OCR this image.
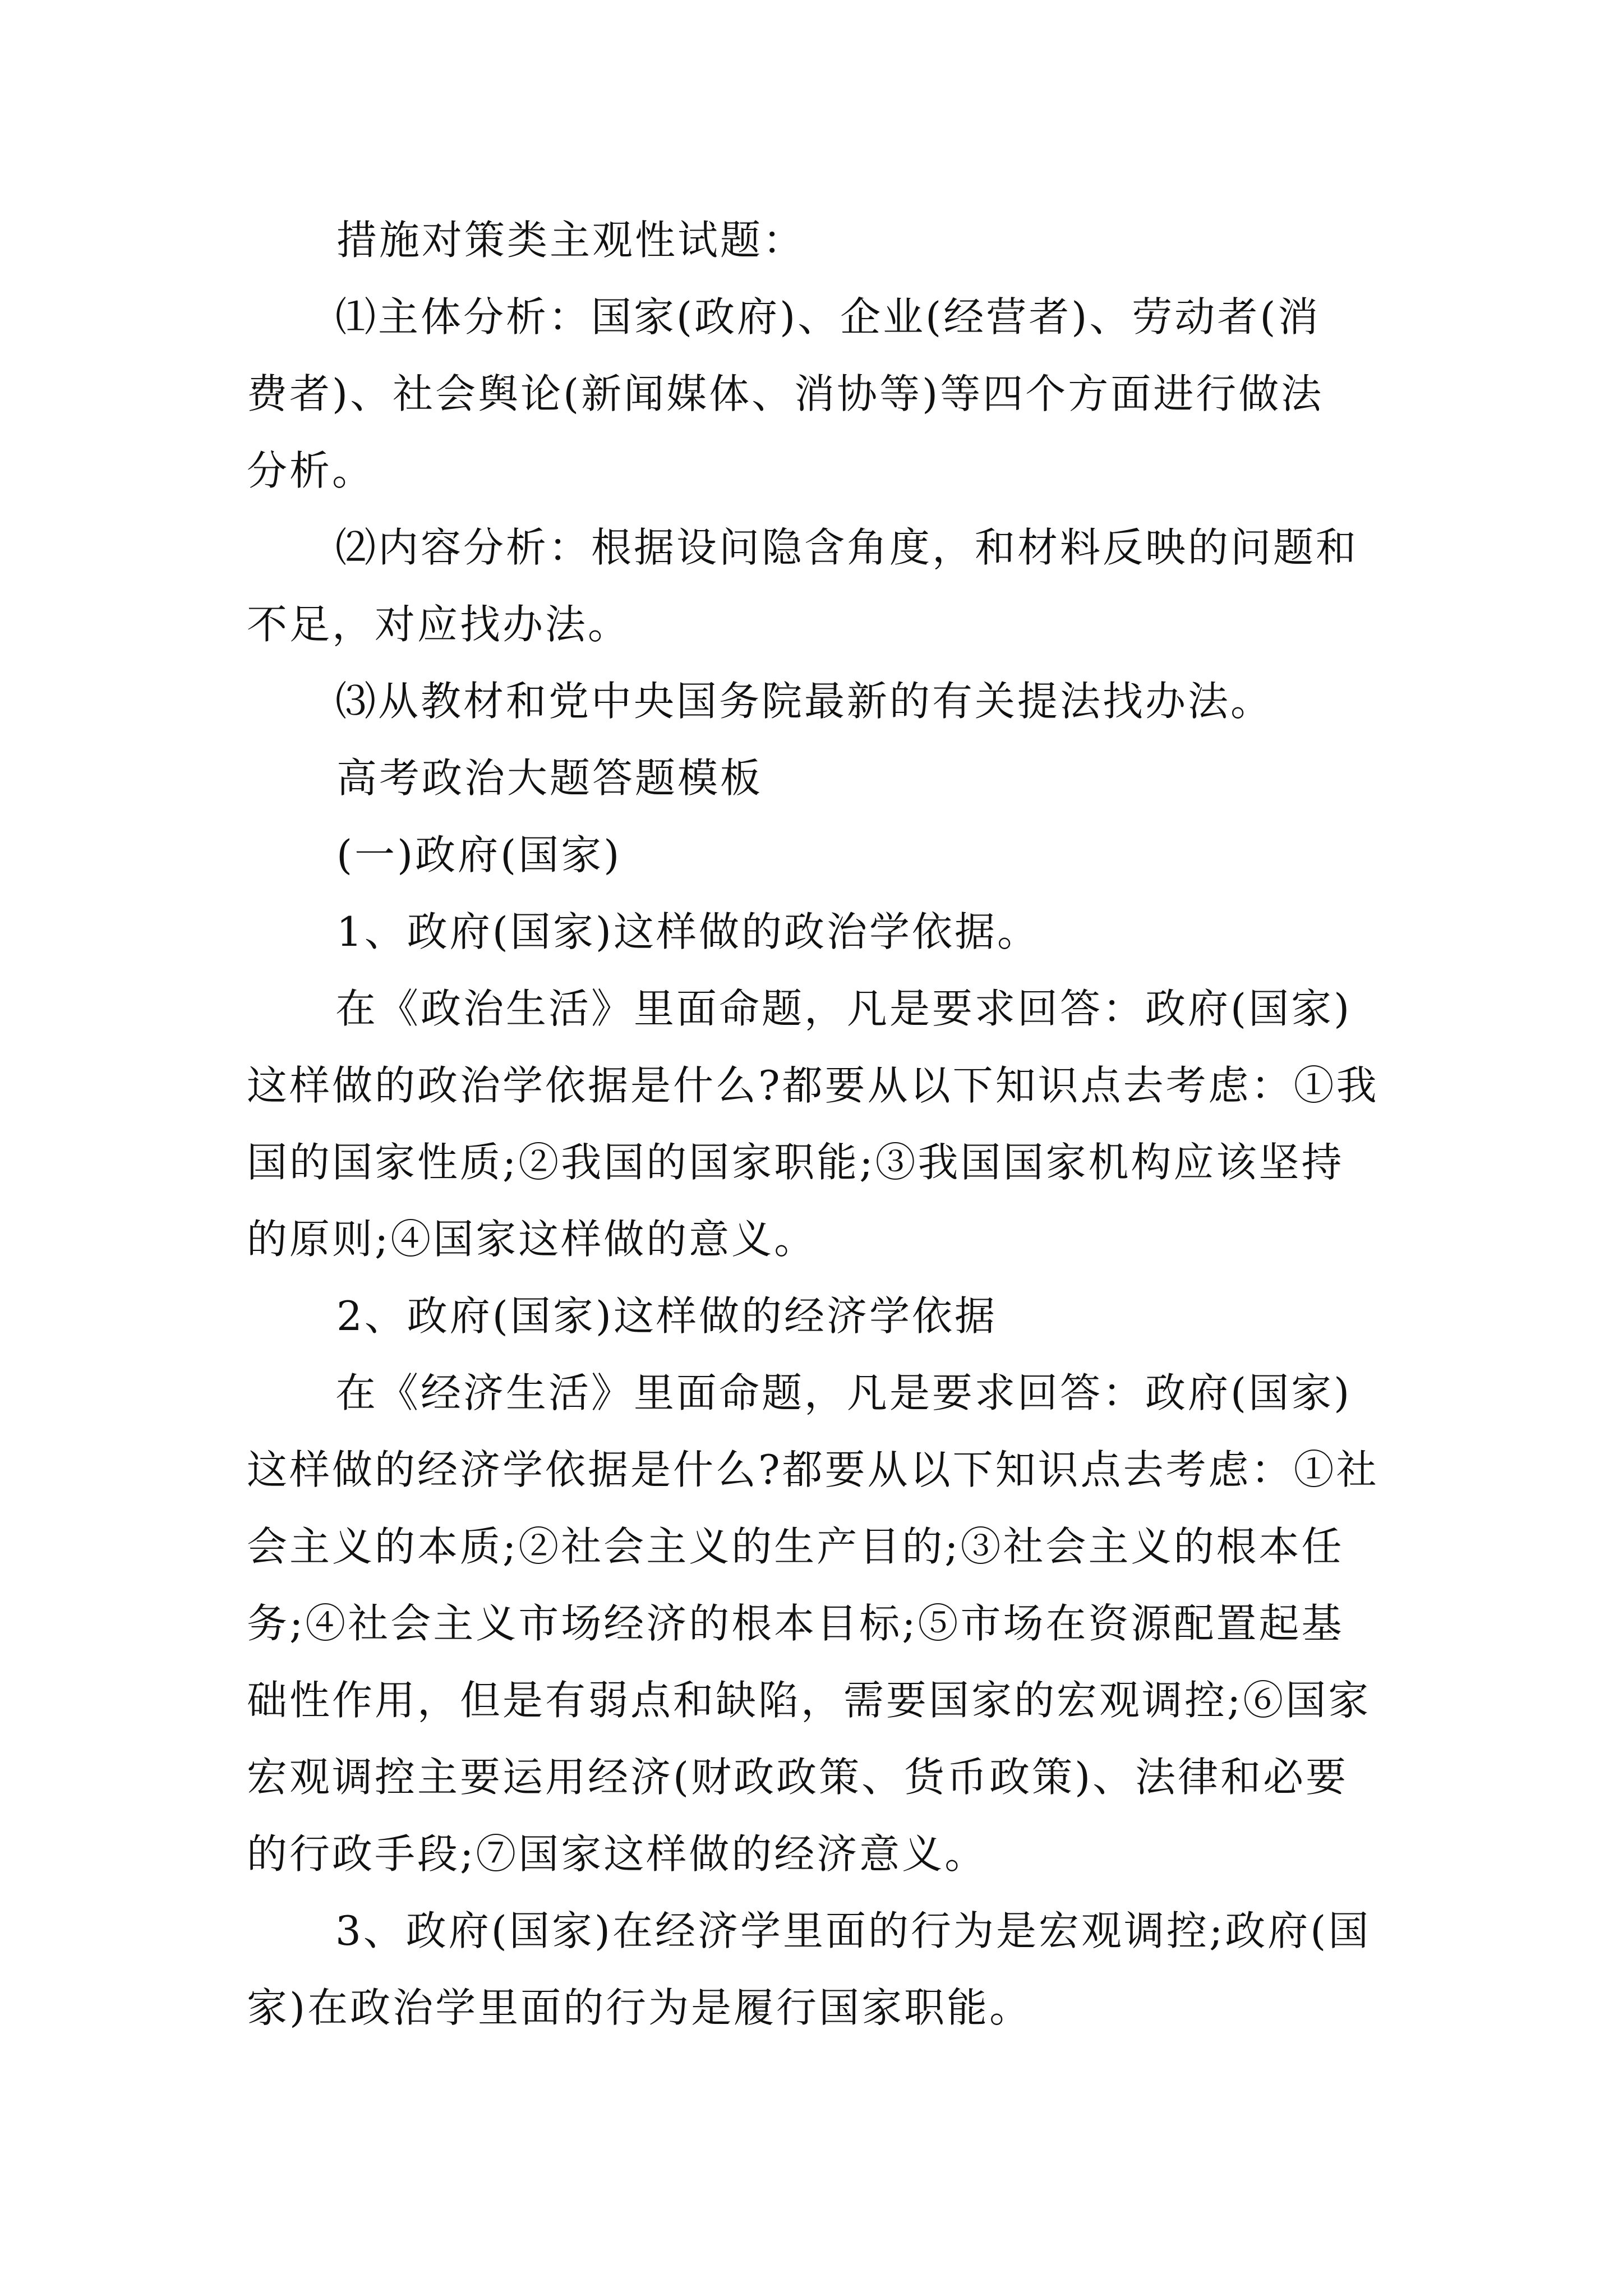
措施对策类主观性试题：
⑴主体分析：国家(政府)、企业(经营者)、劳动者(消
费者)、社会舆论(新闻媒体、消协等)等四个方面进行做法
分析。
⑵内容分析：根据设问隐含角度，和材料反映的问题和
不足，对应找办法。
⑶从教材和党中央国务院最新的有关提法找办法。
高考政治大题答题模板
(一)政府(国家)
1、政府(国家)这样做的政治学依据。
在《政治生活》里面命题，凡是要求回答：政府(国家)
这样做的政治学依据是什么?都要从以下知识点去考虑：①我
国的国家性质;②我国的国家职能;③我国国家机构应该坚持
的原则;④国家这样做的意义。
2、政府(国家)这样做的经济学依据
在《经济生活》里面命题，凡是要求回答：政府(国家)
这样做的经济学依据是什么?都要从以下知识点去考虑：①社
会主义的本质;②社会主义的生产目的;③社会主义的根本任
务;④社会主义市场经济的根本目标;⑤市场在资源配置起基
础性作用，但是有弱点和缺陷，需要国家的宏观调控;⑥国家
宏观调控主要运用经济(财政政策、货币政策)、法律和必要
的行政手段;⑦国家这样做的经济意义。
3、政府(国家)在经济学里面的行为是宏观调控;政府(国
家)在政治学里面的行为是履行国家职能。
